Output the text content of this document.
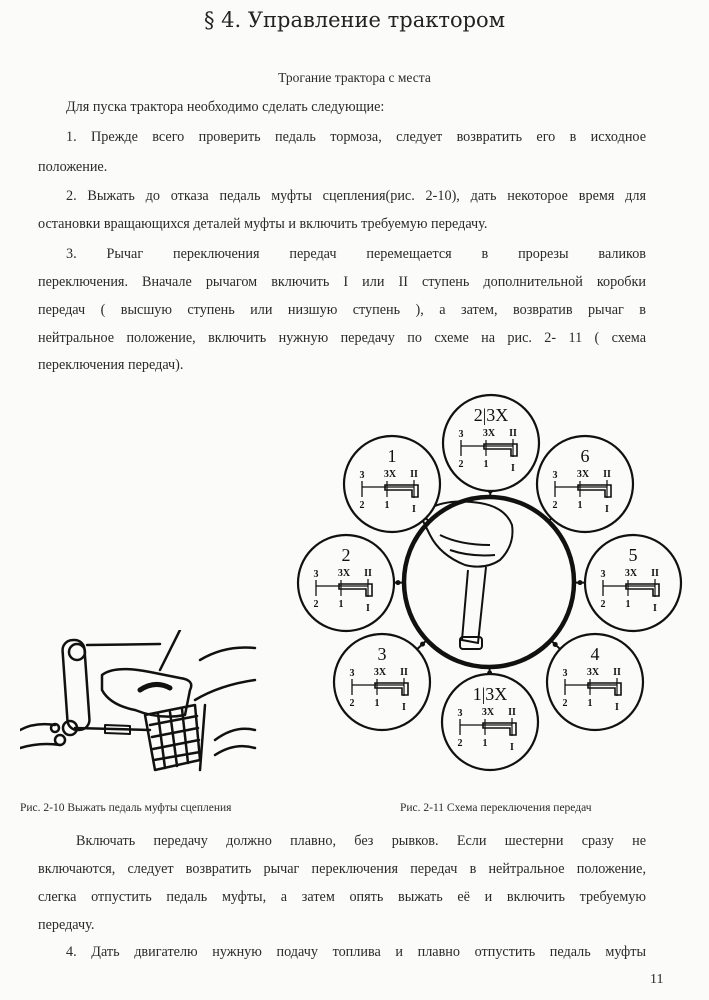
§ 4. Управление трактором
Трогание трактора с места
Для пуска трактора необходимо сделать следующие:
1. Прежде всего проверить педаль тормоза, следует возвратить его в исходное
положение.
2. Выжать до отказа педаль муфты сцепления(рис. 2-10), дать некоторое время для
остановки вращающихся деталей муфты и включить требуемую передачу.
3. Рычаг переключения передач перемещается в прорезы валиков
переключения. Вначале рычагом включить I или II ступень дополнительной коробки
передач ( высшую ступень или низшую ступень ), а затем, возвратив рычаг в
нейтральное положение, включить нужную передачу по схеме на рис. 2- 11 ( схема
переключения передач).
2|3X
3 3X II
2 1 I
1
3 3X II
2 1 I
6
3 3X II
2 1 I
2
3 3X II
2 1 I
5
3 3X II
2 1 I
3
3 3X II
2 1 I
4
3 3X II
2 1 I
1|3X
3 3X II
2 1 I
Рис. 2-10 Выжать педаль муфты сцепления	Рис. 2-11 Схема переключения передач
Включать передачу должно плавно, без рывков. Если шестерни сразу не
включаются, следует возвратить рычаг переключения передач в нейтральное положение,
слегка отпустить педаль муфты, а затем опять выжать её и включить требуемую
передачу.
4. Дать двигателю нужную подачу топлива и плавно отпустить педаль муфты
11
